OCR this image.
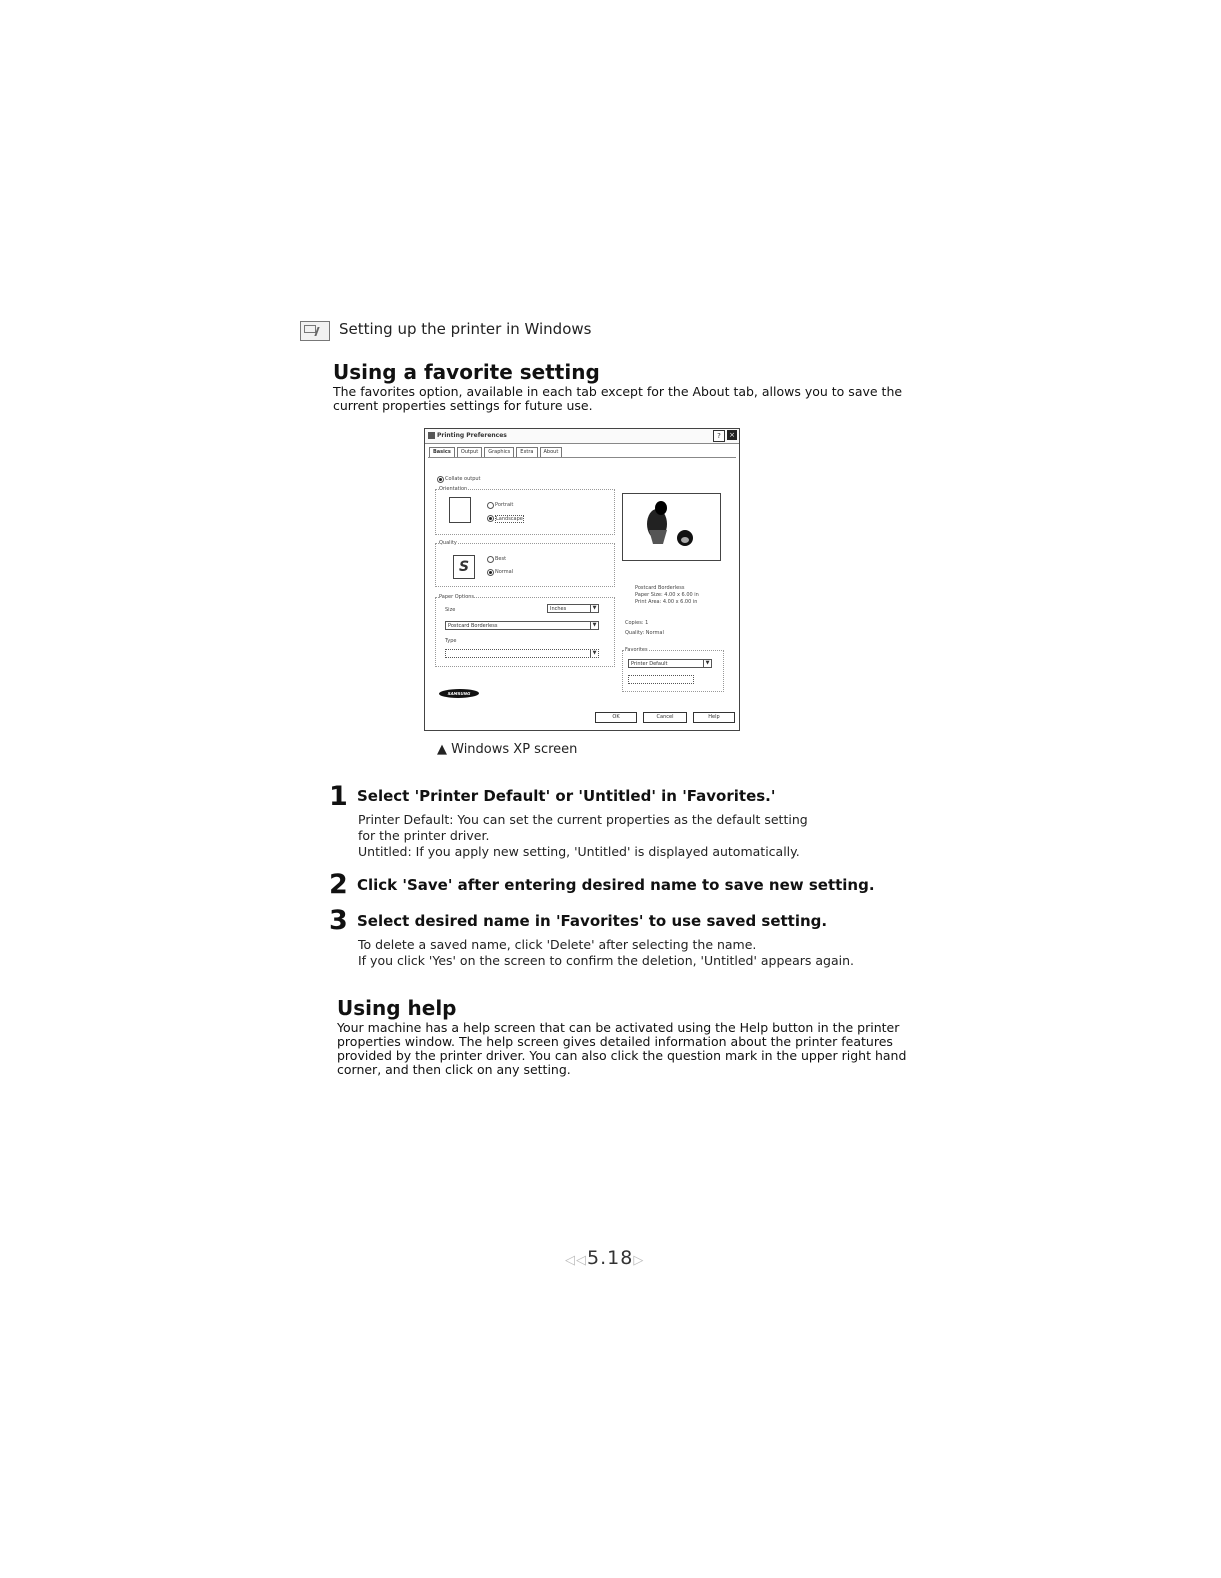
Setting up the printer in Windows
Using a favorite setting
The favorites option, available in each tab except for the About tab, allows you to save the current properties settings for future use.
Printing Preferences	?	×
Basics	Output	Graphics	Extra	About
Collate output
Orientation
Portrait
Landscape
Quality
S	Best
Normal
Paper Options
Size	Inches	▼
Postcard Borderless	▼
Type
▼
Postcard Borderless
Paper Size: 4.00 x 6.00 in
Print Area: 4.00 x 6.00 in
Copies: 1
Quality: Normal
Favorites
Printer Default	▼
SAMSUNG
OK	Cancel	Help
▲ Windows XP screen
1 Select 'Printer Default' or 'Untitled' in 'Favorites.'
Printer Default: You can set the current properties as the default setting
for the printer driver.
Untitled: If you apply new setting, 'Untitled' is displayed automatically.
2 Click 'Save' after entering desired name to save new setting.
3 Select desired name in 'Favorites' to use saved setting.
To delete a saved name, click 'Delete' after selecting the name.
If you click 'Yes' on the screen to confirm the deletion, 'Untitled' appears again.
Using help
Your machine has a help screen that can be activated using the Help button in the printer properties window. The help screen gives detailed information about the printer features provided by the printer driver. You can also click the question mark in the upper right hand corner, and then click on any setting.
◁◁5.18▷
